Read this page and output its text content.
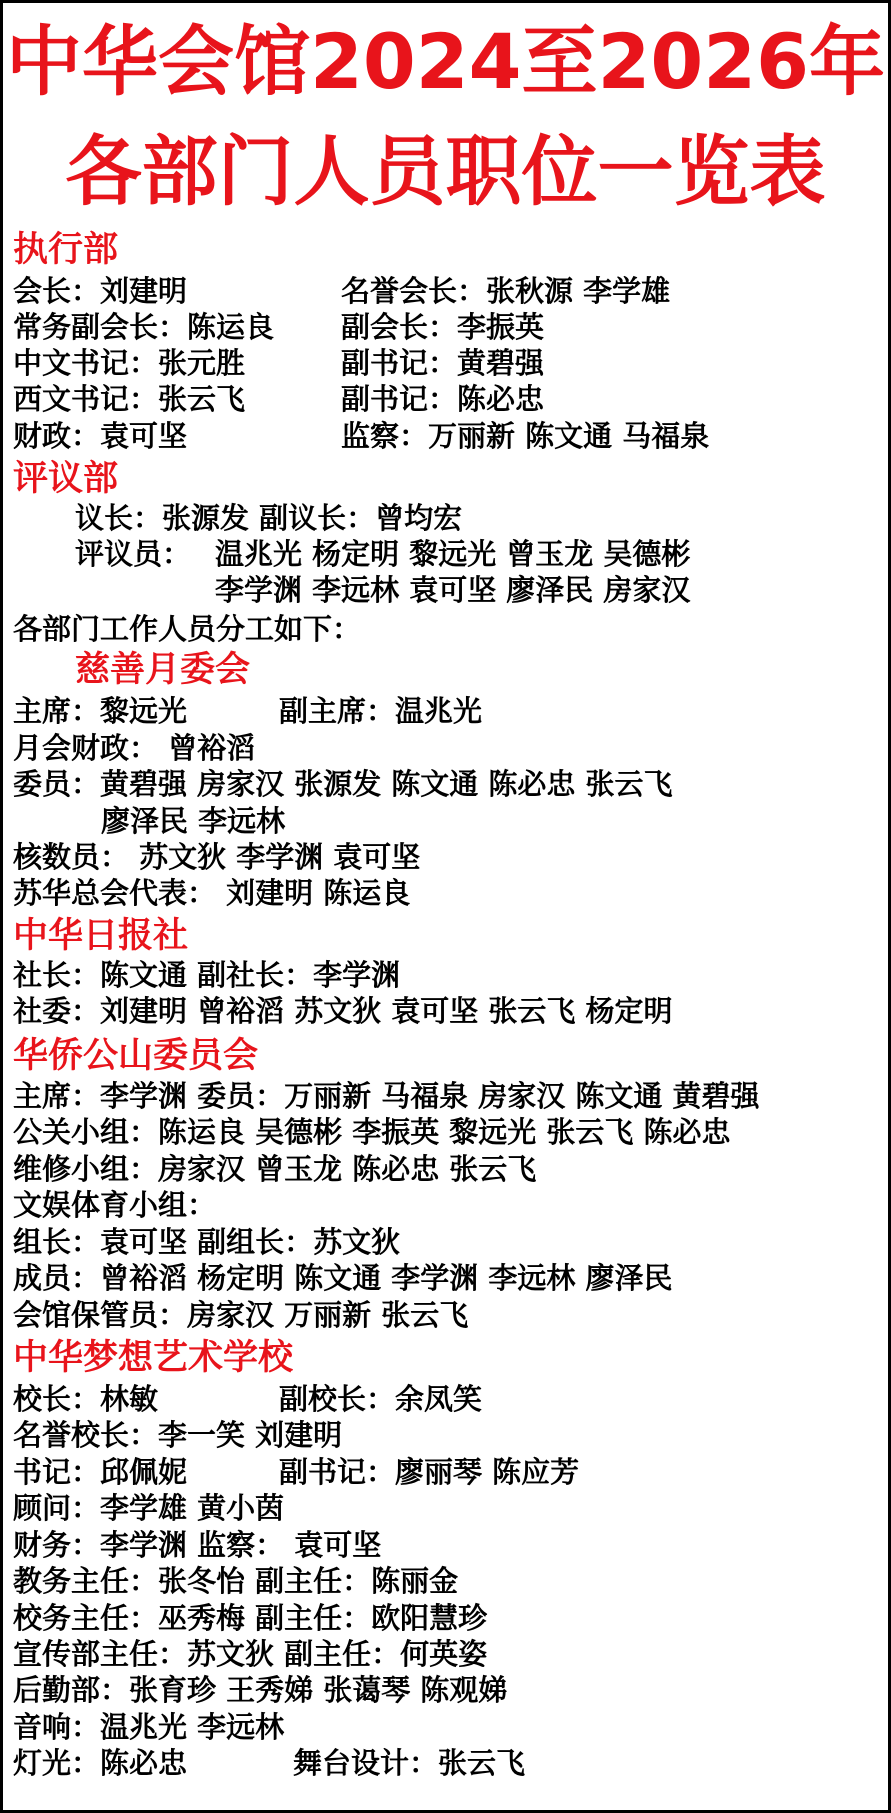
中华会馆2024至2026年
各部门人员职位一览表
执行部
会长：刘建明	名誉会长：张秋源 李学雄
常务副会长：陈运良 副会长：李振英
中文书记：张元胜	副书记：黄碧强
西文书记：张云飞	副书记：陈必忠
财政：袁可坚	监察：万丽新 陈文通 马福泉
评议部
议长：张源发 副议长：曾均宏
评议员： 温兆光 杨定明 黎远光 曾玉龙 吴德彬
李学渊 李远林 袁可坚 廖泽民 房家汉
各部门工作人员分工如下：
慈善月委会
主席：黎远光	副主席：温兆光
月会财政： 曾裕滔
委员：黄碧强 房家汉 张源发 陈文通 陈必忠 张云飞
廖泽民 李远林
核数员： 苏文狄 李学渊 袁可坚
苏华总会代表： 刘建明 陈运良
中华日报社
社长：陈文通 副社长：李学渊
社委：刘建明 曾裕滔 苏文狄 袁可坚 张云飞 杨定明
华侨公山委员会
主席：李学渊 委员：万丽新 马福泉 房家汉 陈文通 黄碧强
公关小组：陈运良 吴德彬 李振英 黎远光 张云飞 陈必忠
维修小组：房家汉 曾玉龙 陈必忠 张云飞
文娱体育小组：
组长：袁可坚 副组长：苏文狄
成员：曾裕滔 杨定明 陈文通 李学渊 李远林 廖泽民
会馆保管员：房家汉 万丽新 张云飞
中华梦想艺术学校
校长：林敏	副校长：余凤笑
名誉校长：李一笑 刘建明
书记：邱佩妮	副书记：廖丽琴 陈应芳
顾问：李学雄 黄小茵
财务：李学渊 监察： 袁可坚
教务主任：张冬怡 副主任：陈丽金
校务主任：巫秀梅 副主任：欧阳慧珍
宣传部主任：苏文狄 副主任：何英姿
后勤部：张育珍 王秀娣 张蔼琴 陈观娣
音响：温兆光 李远林
灯光：陈必忠	舞台设计：张云飞
